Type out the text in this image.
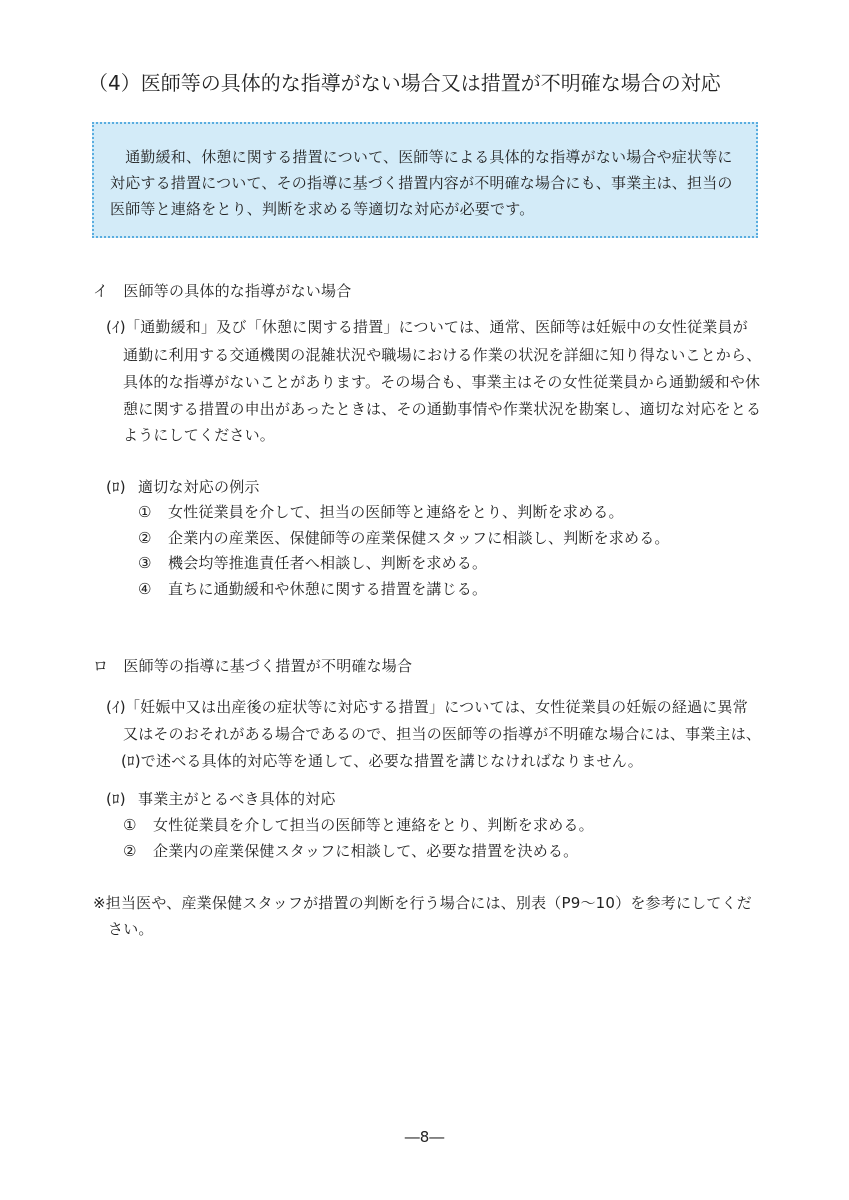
（4）医師等の具体的な指導がない場合又は措置が不明確な場合の対応
　通勤緩和、休憩に関する措置について、医師等による具体的な指導がない場合や症状等に
対応する措置について、その指導に基づく措置内容が不明確な場合にも、事業主は、担当の
医師等と連絡をとり、判断を求める等適切な対応が必要です。
イ　医師等の具体的な指導がない場合
(ｲ) 「通勤緩和」及び「休憩に関する措置」については、通常、医師等は妊娠中の女性従業員が
通勤に利用する交通機関の混雑状況や職場における作業の状況を詳細に知り得ないことから、
具体的な指導がないことがあります。その場合も、事業主はその女性従業員から通勤緩和や休
憩に関する措置の申出があったときは、その通勤事情や作業状況を勘案し、適切な対応をとる
ようにしてください。
(ﾛ) 適切な対応の例示
① 女性従業員を介して、担当の医師等と連絡をとり、判断を求める。
② 企業内の産業医、保健師等の産業保健スタッフに相談し、判断を求める。
③ 機会均等推進責任者へ相談し、判断を求める。
④ 直ちに通勤緩和や休憩に関する措置を講じる。
ロ　医師等の指導に基づく措置が不明確な場合
(ｲ) 「妊娠中又は出産後の症状等に対応する措置」については、女性従業員の妊娠の経過に異常
又はそのおそれがある場合であるので、担当の医師等の指導が不明確な場合には、事業主は、
(ﾛ)で述べる具体的対応等を通して、必要な措置を講じなければなりません。
(ﾛ) 事業主がとるべき具体的対応
① 女性従業員を介して担当の医師等と連絡をとり、判断を求める。
② 企業内の産業保健スタッフに相談して、必要な措置を決める。
※担当医や、産業保健スタッフが措置の判断を行う場合には、別表（P9～10）を参考にしてくだ
さい。
―8―
